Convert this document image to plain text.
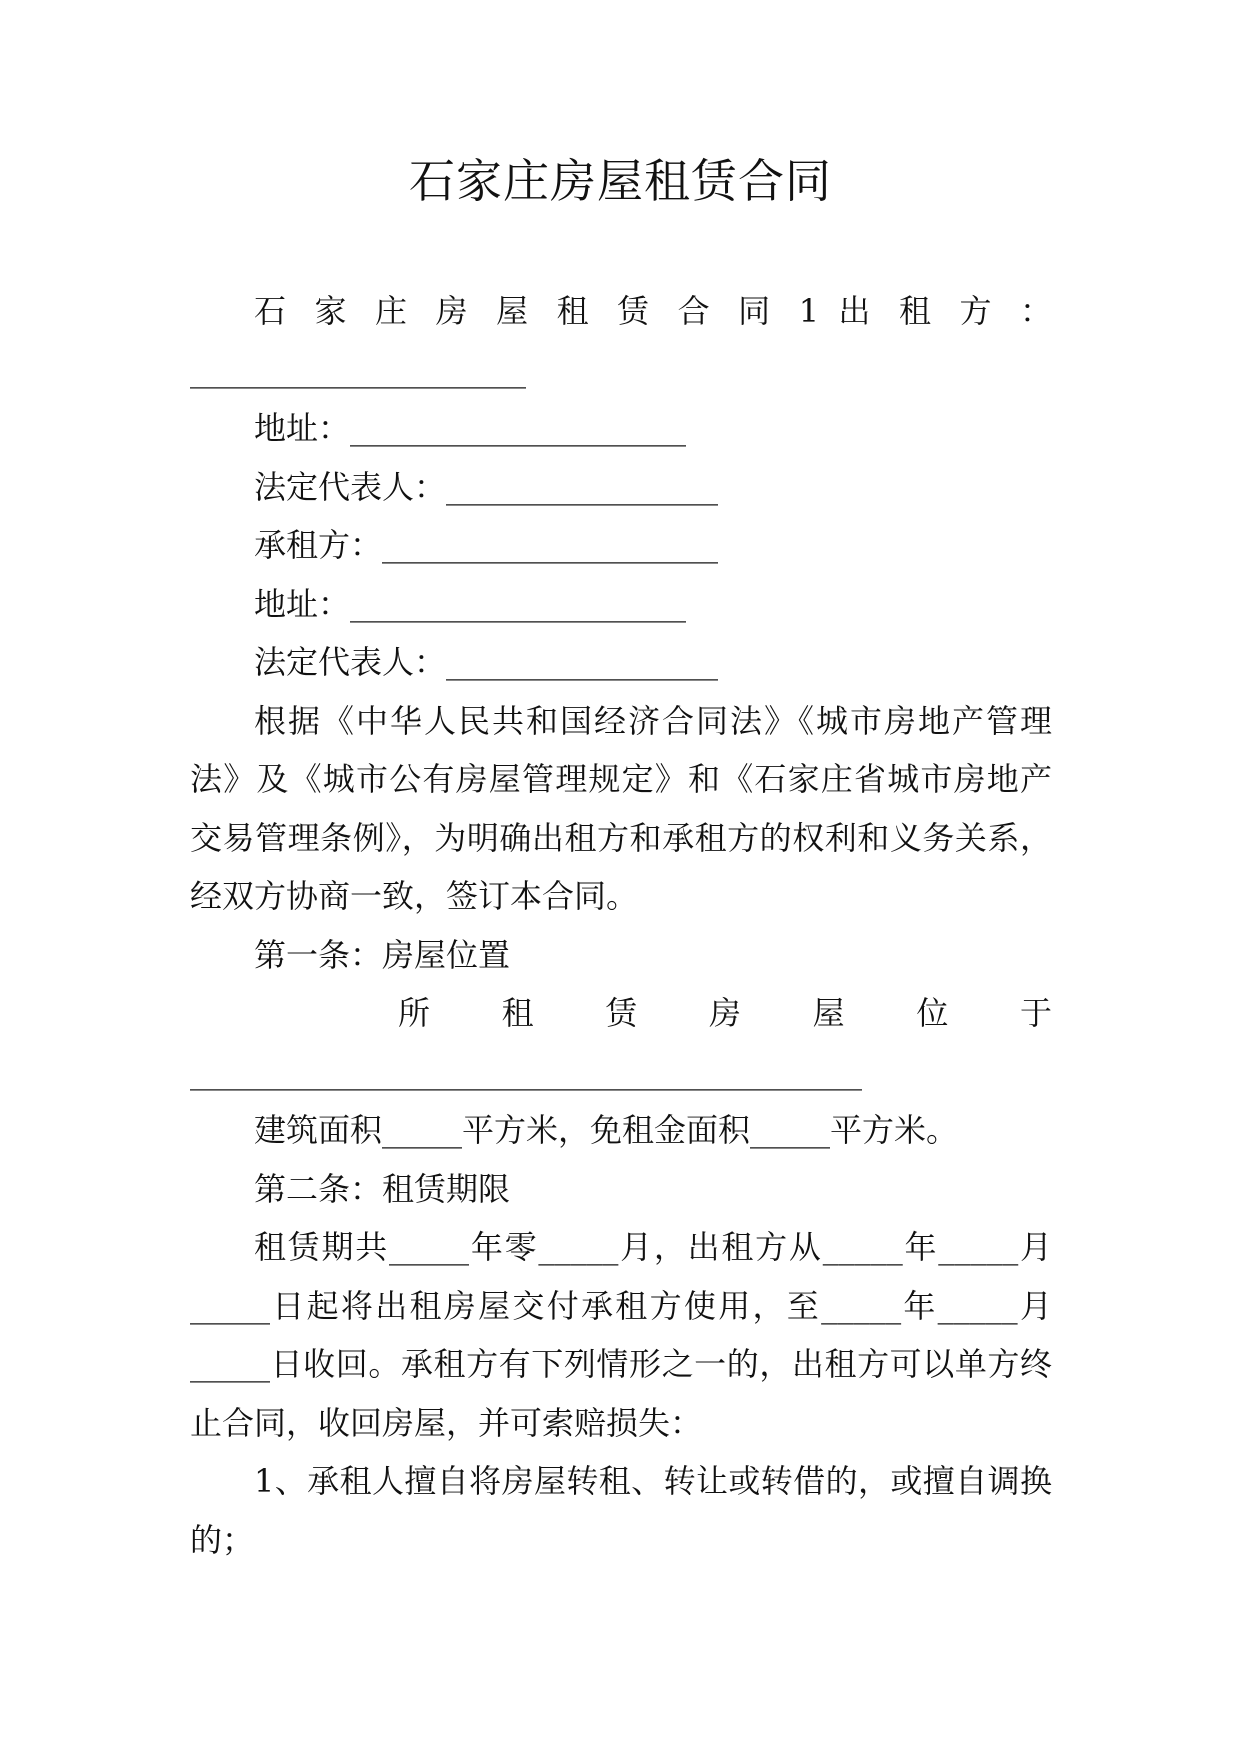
石家庄房屋租赁合同

石 家 庄 房 屋 租 赁 合 同 1 出 租 方 ：

_____________________

地址：_____________________

法定代表人：_________________

承租方：_____________________

地址：_____________________

法定代表人：_________________

根据《中华人民共和国经济合同法》《城市房地产管理法》及《城市公有房屋管理规定》和《石家庄省城市房地产交易管理条例》，为明确出租方和承租方的权利和义务关系，经双方协商一致，签订本合同。

第一条：房屋位置

所 租 赁 房 屋 位 于

__________________________________________

建筑面积_____平方米，免租金面积_____平方米。

第二条：租赁期限

租赁期共_____年零_____月，出租方从_____年_____月_____日起将出租房屋交付承租方使用，至_____年_____月_____日收回。承租方有下列情形之一的，出租方可以单方终止合同，收回房屋，并可索赔损失：

1、承租人擅自将房屋转租、转让或转借的，或擅自调换的；
